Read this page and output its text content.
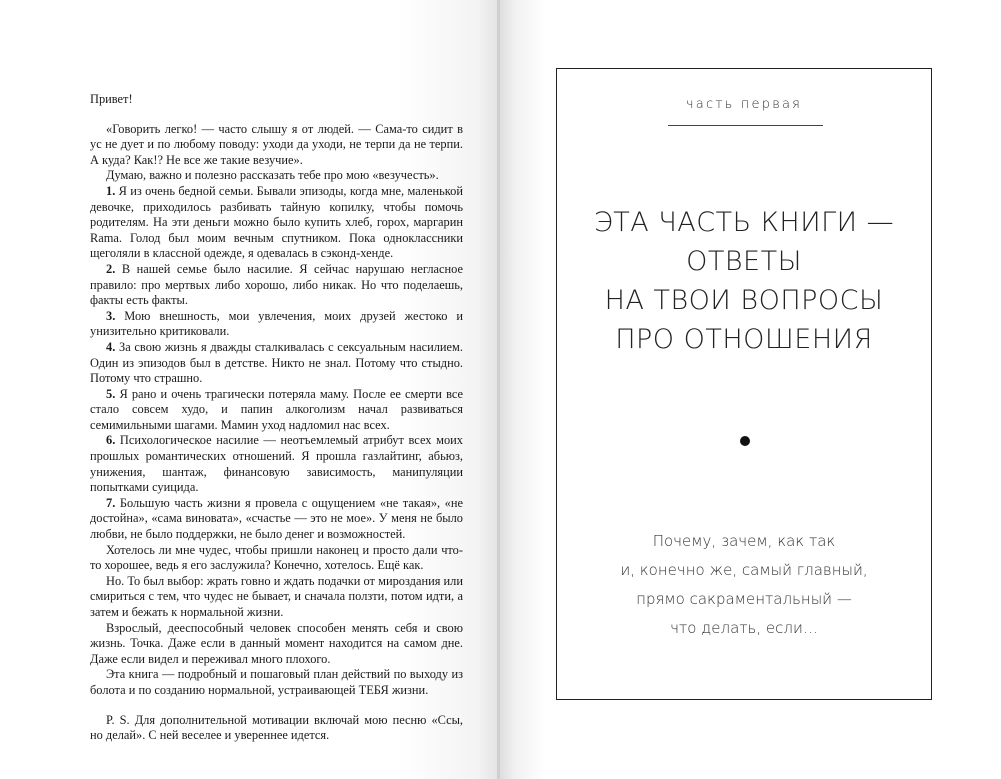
Привет!

«Говорить легко! — часто слышу я от людей. — Сама-то сидит в ус не дует и по любому поводу: уходи да уходи, не терпи да не терпи. А куда? Как!? Не все же такие везучие».

Думаю, важно и полезно рассказать тебе про мою «везучесть».

1. Я из очень бедной семьи. Бывали эпизоды, когда мне, маленькой девочке, приходилось разбивать тайную копилку, чтобы помочь родителям. На эти деньги можно было купить хлеб, горох, маргарин Rama. Голод был моим вечным спутником. Пока одноклассники щеголяли в классной одежде, я одевалась в сэконд-хенде.

2. В нашей семье было насилие. Я сейчас нарушаю негласное правило: про мертвых либо хорошо, либо никак. Но что поделаешь, факты есть факты.

3. Мою внешность, мои увлечения, моих друзей жестоко и унизительно критиковали.

4. За свою жизнь я дважды сталкивалась с сексуальным насилием. Один из эпизодов был в детстве. Никто не знал. Потому что стыдно. Потому что страшно.

5. Я рано и очень трагически потеряла маму. После ее смерти все стало совсем худо, и папин алкоголизм начал развиваться семимильными шагами. Мамин уход надломил нас всех.

6. Психологическое насилие — неотъемлемый атрибут всех моих прошлых романтических отношений. Я прошла газлайтинг, абьюз, унижения, шантаж, финансовую зависимость, манипуляции попытками суицида.

7. Большую часть жизни я провела с ощущением «не такая», «не достойна», «сама виновата», «счастье — это не мое». У меня не было любви, не было поддержки, не было денег и возможностей.

Хотелось ли мне чудес, чтобы пришли наконец и просто дали что-то хорошее, ведь я его заслужила? Конечно, хотелось. Ещё как.

Но. То был выбор: жрать говно и ждать подачки от мироздания или смириться с тем, что чудес не бывает, и сначала ползти, потом идти, а затем и бежать к нормальной жизни.

Взрослый, дееспособный человек способен менять себя и свою жизнь. Точка. Даже если в данный момент находится на самом дне. Даже если видел и переживал много плохого.

Эта книга — подробный и пошаговый план действий по выходу из болота и по созданию нормальной, устраивающей ТЕБЯ жизни.

P. S. Для дополнительной мотивации включай мою песню «Ссы, но делай». С ней веселее и увереннее идется.

часть первая
ЭТА ЧАСТЬ КНИГИ —
ОТВЕТЫ
НА ТВОИ ВОПРОСЫ
ПРО ОТНОШЕНИЯ
Почему, зачем, как так
и, конечно же, самый главный,
прямо сакраментальный —
что делать, если…
